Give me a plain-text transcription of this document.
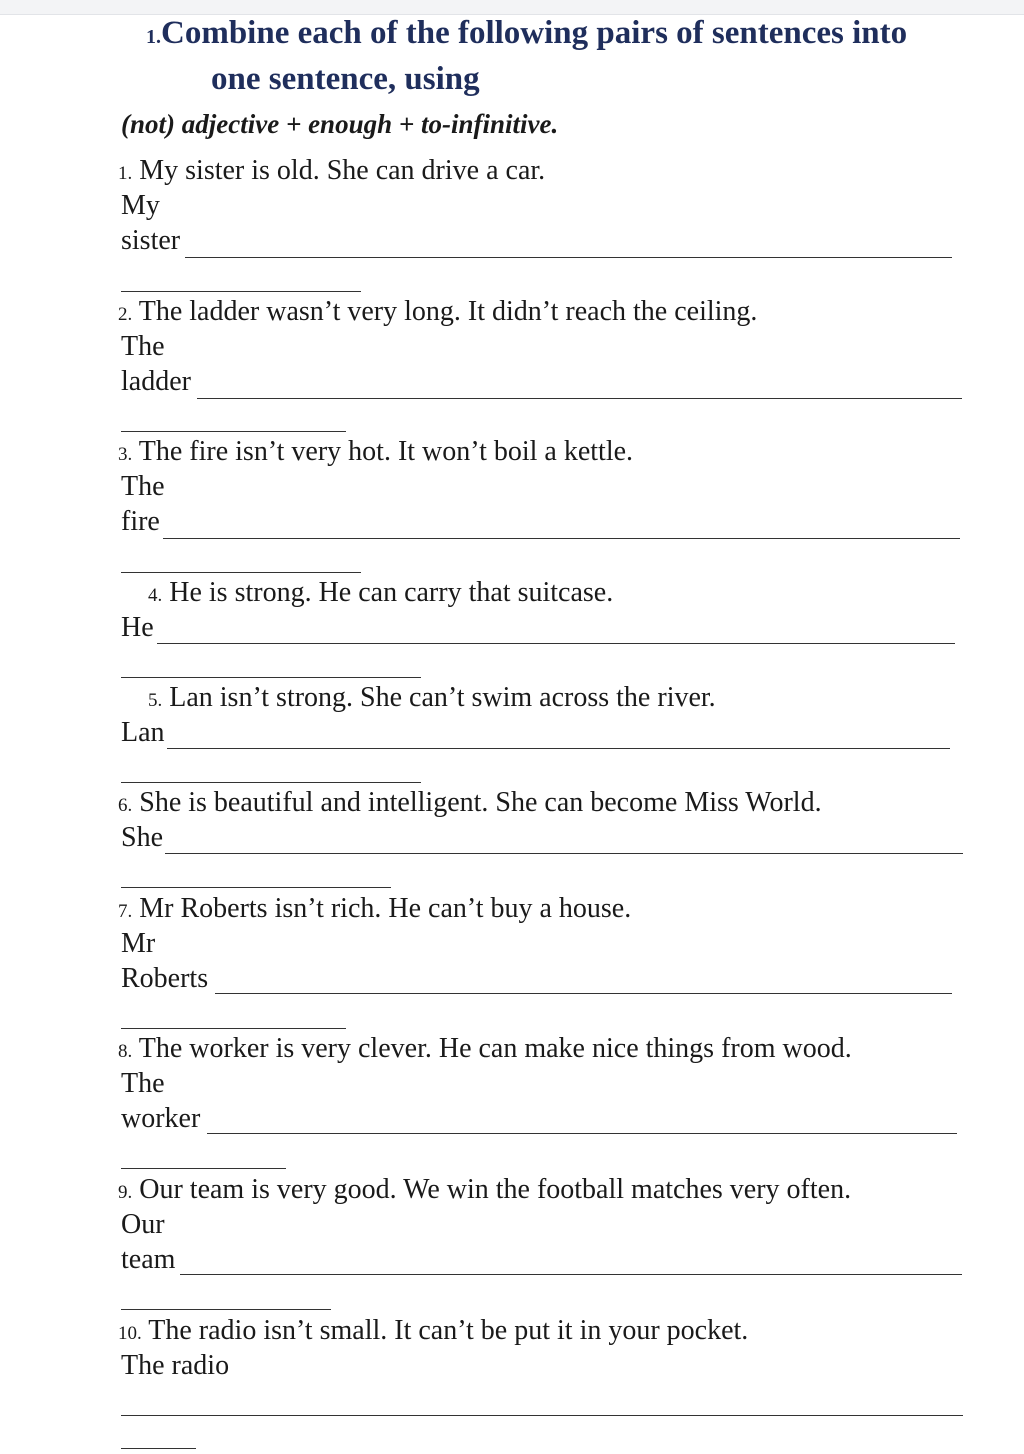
1.Combine each of the following pairs of sentences into
one sentence, using
(not) adjective + enough + to-infinitive.
1. My sister is old. She can drive a car.
My
sister
2. The ladder wasn’t very long. It didn’t reach the ceiling.
The
ladder
3. The fire isn’t very hot. It won’t boil a kettle.
The
fire
4. He is strong. He can carry that suitcase.
He
5. Lan isn’t strong. She can’t swim across the river.
Lan
6. She is beautiful and intelligent. She can become Miss World.
She
7. Mr Roberts isn’t rich. He can’t buy a house.
Mr
Roberts
8. The worker is very clever. He can make nice things from wood.
The
worker
9. Our team is very good. We win the football matches very often.
Our
team
10. The radio isn’t small. It can’t be put it in your pocket.
The radio
